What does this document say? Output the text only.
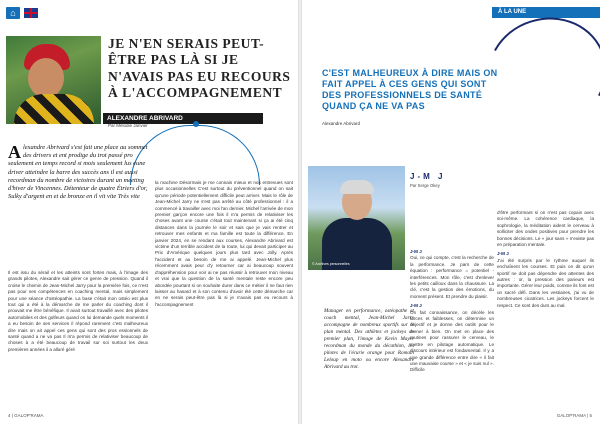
⌂
JE N'EN SERAIS PEUT-ÊTRE PAS LÀ SI JE N'AVAIS PAS EU RECOURS À L'ACCOMPAGNEMENT
ALEXANDRE ABRIVARD
Par Mélodie Janvier
A lexandre Abrivard s'est fait une place au sommet des drivers et ent prodige du trot passé pro seulement en temps record si mois seulement lus eune driver atteindre la barre des succès ans il est aussi recordman du nombre de victoires durant un meeting d'hiver de Vincennes. Détenteur de quatre Étriers d'or, Sulky d'argent en et de bronze en il vit vite Très vite
Il est issu du sérail et les atteints sont fortes mais, à l'image des grands pilotes, Alexandre sait gérer ce genre de pression. Quand il croise le chemin de Jean-Michel Jarry pour la première fois, ce n'est pas pour ses compétences en coaching mental, mais simplement pour une séance d'ostéopathie. La base c'était mon ostéo est plus tout qui a été à la démarche de me parler du coaching dont il prouvait me être bénéfique. Il avait surtout travaillé avec des pilotes automobiles et des golfeurs quand on lui demande quels moments il a eu besoin de ses services il répond rarement c'est malheureux dire mais on ait appel ces gens qui sont des pros essionnels de santé quand a ne va pas Il m'a permis de relativiser beaucoup de choses à a été beaucoup de travail sur soi surtout les deux premières années il a alluré géré
la machine Désormais je me connais mieux et nos entrevues sont plus occasionnelles C'est surtout du préventionnel quand on sait qu'une période potentiellement difficile peut arriver. Mais le rôle de Jean-Michel Jarry ne s'est pas arrêté au côté professionnel : il a commencé à travailler avec moi l'an dernier. Michel l'arrivée de mon premier garçon encore une fois il m'a permis de relativiser les choses avant une course c'était tout maintenant si ça ai été cinq distances dans la journée le soir et sais que je vais rentrer et retrouver mes enfants et ma famille est toute la différence. En janvier 2024, en se rendant aux courses, Alexandre Abrivard est victime d'un terrible accident de la route, lui qui devait participer au Prix d'Amérique quelques jours plus tard avec Jolly. Après l'accident et au besoin de me ai appelé. Jean-Michel plus récemment avais peur d'y retourner car ai beaucoup souvent d'appréhension pour voir ai ne pas réussir à retrouver mon niveau et vrai que la question de la santé mentale reste encore peu abordée pourtant si on souhaite durer dans ce métier il ne faut rien laisser au hasard et à son contenu d'avoir été cette démarche car en ne serais peut-être pas là si je n'avais pas eu recours à l'accompagnement
4 | GALOP'RAMA
À LA UNE
C'EST MALHEUREUX À DIRE MAIS ON FAIT APPEL À CES GENS QUI SONT DES PROFESSIONNELS DE SANTÉ QUAND ÇA NE VA PAS
Alexandre Abrivard
© Archives personnelles
J-M J
Par Serge Okey
Manager en performance, ostéopathe et coach mental, Jean-Michel Jarry accompagne de nombreux sportifs sur le plan mental. Des athlètes et jockeys de premier plan, l'image de Kevin Mayer recordman du monde du décathlon, les pilotes de l'écurie orange pour Romain Leloup en moto ou encore Alexandre Abrivard au trot.
J-M J
Oui, ce qui compte, c'est la recherche de la performance. Je pars de cette équation : performance = potentiel - interférences. Mon rôle, c'est d'enlever les petits cailloux dans la chaussure. La clé, c'est la gestion des émotions, du moment présent. Et prendre du plaisir.
J-M J
On fait connaissance, on décèle les forces et faiblesses, on détermine un objectif et je donne des outils pour le mener à bien. On met en place des routines pour rassurer le cerveau, le mettre en pilotage automatique. Le discours intérieur est fondamental. Il y a une grande différence entre dire « il fait une mauvaise course » et « je suis nul ». Difficile
d'être performant si on n'est pas copain avec soi-même. La cohérence cardiaque, la sophrologie, la méditation aident le cerveau à solliciter des ondes positives pour prendre les bonnes décisions. Le « jour sans » n'existe pas en préparation mentale.
J-M J
J'ai été surpris par le rythme auquel ils enchaînent les courses. Et puis on dit qu'un sportif ne doit pas dépendre des attentes des autres : or, la pression des parieurs est importante. Gérer leur poids, comme ils font est un sacré défi. Dans les vestiaires, j'ai vu de nombreuses cicatrices. Les jockeys forcent le respect. Ce sont des durs au mal.
GALOP'RAMA | 5
